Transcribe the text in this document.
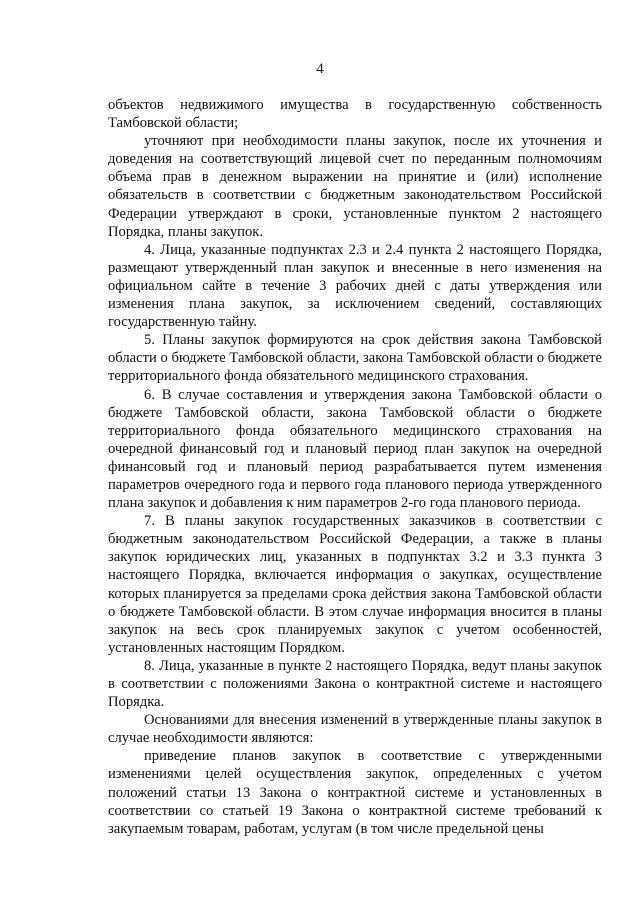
4

объектов недвижимого имущества в государственную собственность Тамбовской области;

уточняют при необходимости планы закупок, после их уточнения и доведения на соответствующий лицевой счет по переданным полномочиям объема прав в денежном выражении на принятие и (или) исполнение обязательств в соответствии с бюджетным законодательством Российской Федерации утверждают в сроки, установленные пунктом 2 настоящего Порядка, планы закупок.

4. Лица, указанные подпунктах 2.3 и 2.4 пункта 2 настоящего Порядка, размещают утвержденный план закупок и внесенные в него изменения на официальном сайте в течение 3 рабочих дней с даты утверждения или изменения плана закупок, за исключением сведений, составляющих государственную тайну.

5. Планы закупок формируются на срок действия закона Тамбовской области о бюджете Тамбовской области, закона Тамбовской области о бюджете территориального фонда обязательного медицинского страхования.

6. В случае составления и утверждения закона Тамбовской области о бюджете Тамбовской области, закона Тамбовской области о бюджете территориального фонда обязательного медицинского страхования на очередной финансовый год и плановый период план закупок на очередной финансовый год и плановый период разрабатывается путем изменения параметров очередного года и первого года планового периода утвержденного плана закупок и добавления к ним параметров 2-го года планового периода.

7. В планы закупок государственных заказчиков в соответствии с бюджетным законодательством Российской Федерации, а также в планы закупок юридических лиц, указанных в подпунктах 3.2 и 3.3 пункта 3 настоящего Порядка, включается информация о закупках, осуществление которых планируется за пределами срока действия закона Тамбовской области о бюджете Тамбовской области. В этом случае информация вносится в планы закупок на весь срок планируемых закупок с учетом особенностей, установленных настоящим Порядком.

8. Лица, указанные в пункте 2 настоящего Порядка, ведут планы закупок в соответствии с положениями Закона о контрактной системе и настоящего Порядка.

Основаниями для внесения изменений в утвержденные планы закупок в случае необходимости являются:

приведение планов закупок в соответствие с утвержденными изменениями целей осуществления закупок, определенных с учетом положений статьи 13 Закона о контрактной системе и установленных в соответствии со статьей 19 Закона о контрактной системе требований к закупаемым товарам, работам, услугам (в том числе предельной цены
